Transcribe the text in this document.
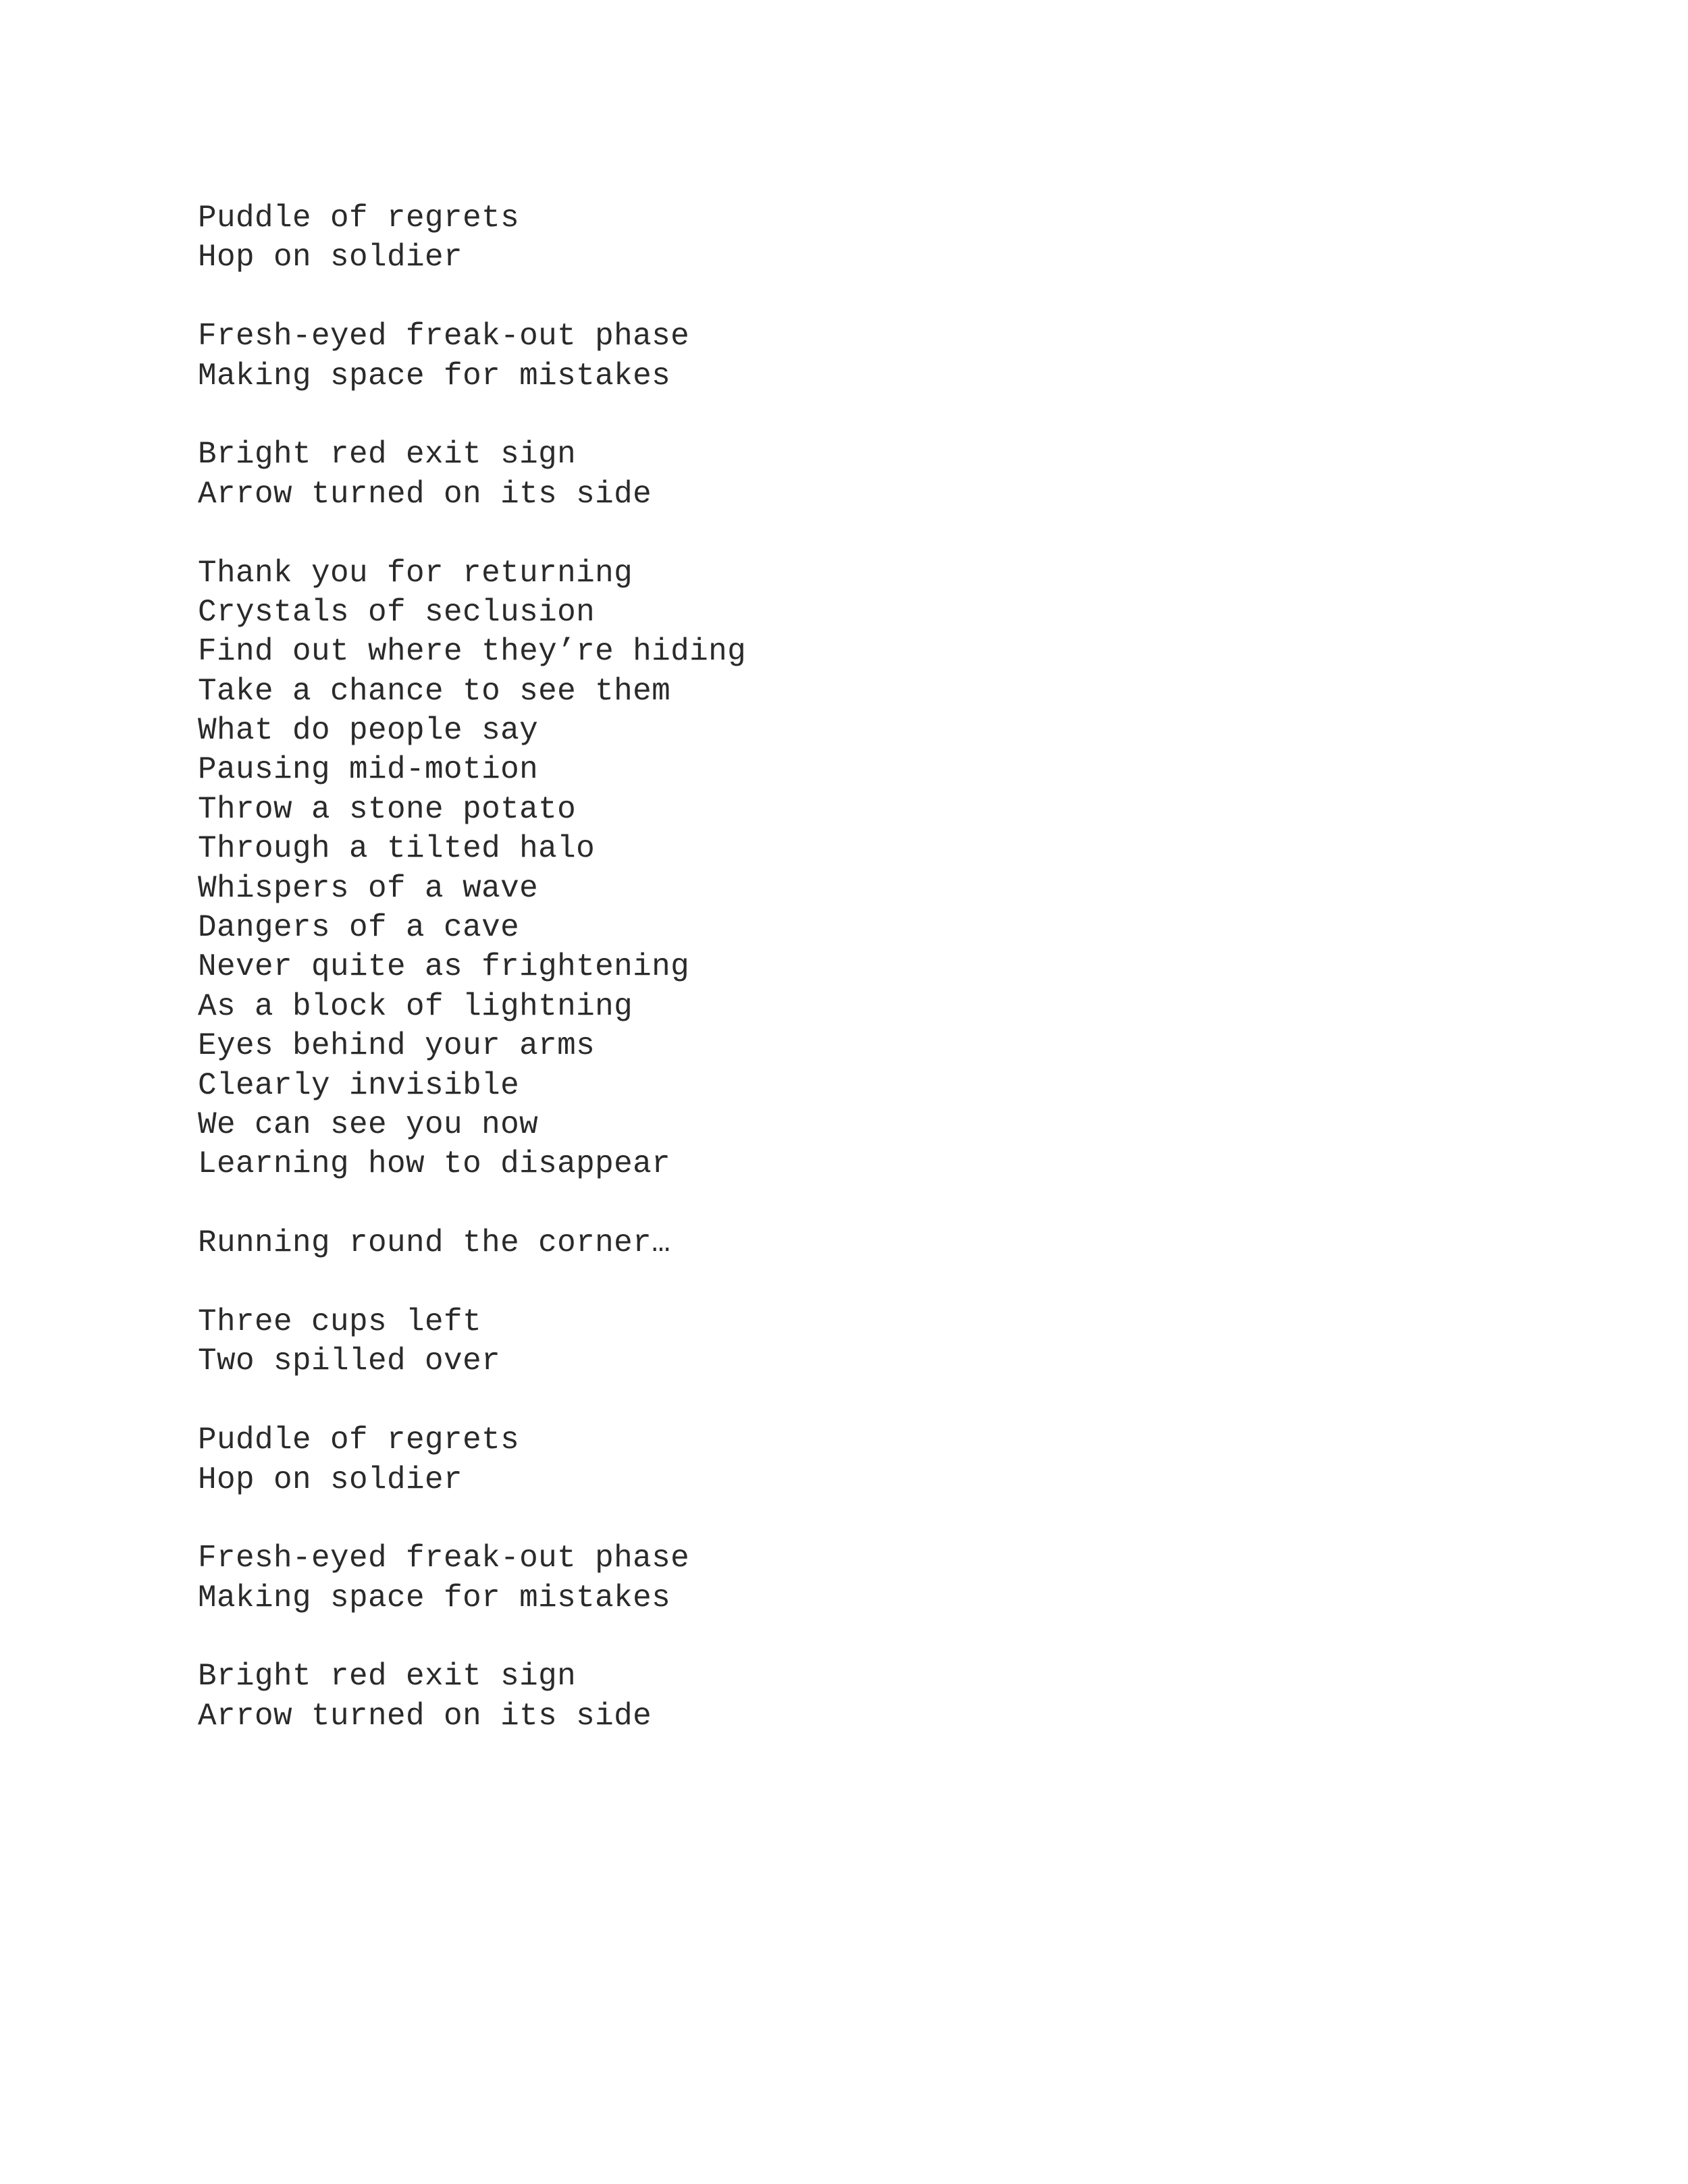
Puddle of regrets
Hop on soldier
Fresh-eyed freak-out phase
Making space for mistakes
Bright red exit sign
Arrow turned on its side
Thank you for returning
Crystals of seclusion
Find out where they’re hiding
Take a chance to see them
What do people say
Pausing mid-motion
Throw a stone potato
Through a tilted halo
Whispers of a wave
Dangers of a cave
Never quite as frightening
As a block of lightning
Eyes behind your arms
Clearly invisible
We can see you now
Learning how to disappear
Running round the corner…
Three cups left
Two spilled over
Puddle of regrets
Hop on soldier
Fresh-eyed freak-out phase
Making space for mistakes
Bright red exit sign
Arrow turned on its side
